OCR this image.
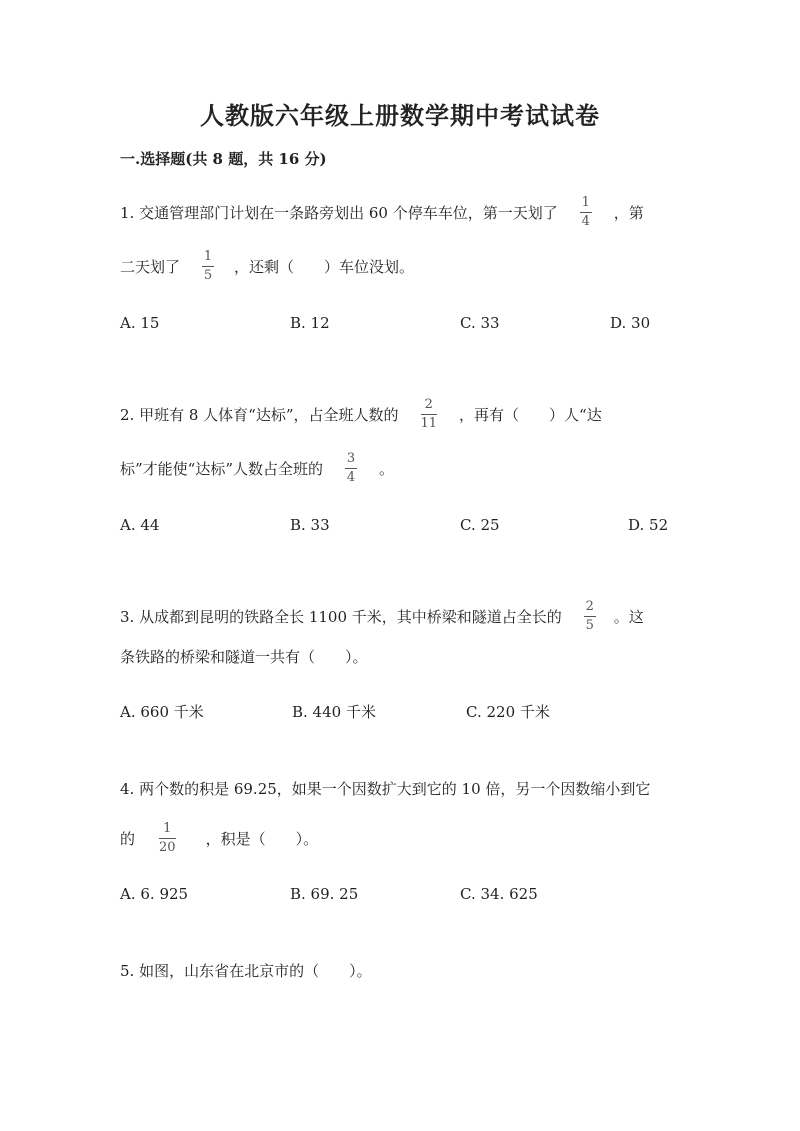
人教版六年级上册数学期中考试试卷
一.选择题(共 8 题，共 16 分)
1. 交通管理部门计划在一条路旁划出 60 个停车车位，第一天划了 $\frac{1}{4}$ ，第
二天划了 $\frac{1}{5}$ ，还剩（　　）车位没划。
A. 15	B. 12	C. 33	D. 30
2. 甲班有 8 人体育“达标”，占全班人数的 $\frac{2}{11}$ ，再有（　　）人“达
标”才能使“达标”人数占全班的 $\frac{3}{4}$ 。
A. 44	B. 33	C. 25	D. 52
3. 从成都到昆明的铁路全长 1100 千米，其中桥梁和隧道占全长的 $\frac{2}{5}$ 。这
条铁路的桥梁和隧道一共有（　　）。
A. 660 千米	B. 440 千米	C. 220 千米
4. 两个数的积是 69.25，如果一个因数扩大到它的 10 倍，另一个因数缩小到它
的 $\frac{1}{20}$ ，积是（　　）。
A. 6. 925	B. 69. 25	C. 34. 625
5. 如图，山东省在北京市的（　　）。
